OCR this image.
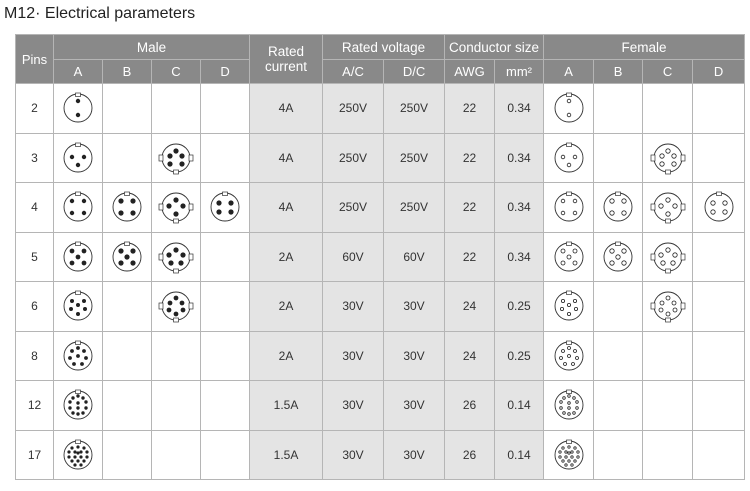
M12· Electrical parameters
Pins	Male				Rated current	Rated voltage		Conductor size		Female			
	A	B	C	D		A/C	D/C	AWG	mm²	A	B	C	D
2					4A	250V	250V	22	0.34	

3					4A	250V	250V	22	0.34	

4					4A	250V	250V	22	0.34	

5					2A	60V	60V	22	0.34	

6					2A	30V	30V	24	0.25	

8					2A	30V	30V	24	0.25	

12					1.5A	30V	30V	26	0.14	

17					1.5A	30V	30V	26	0.14	
